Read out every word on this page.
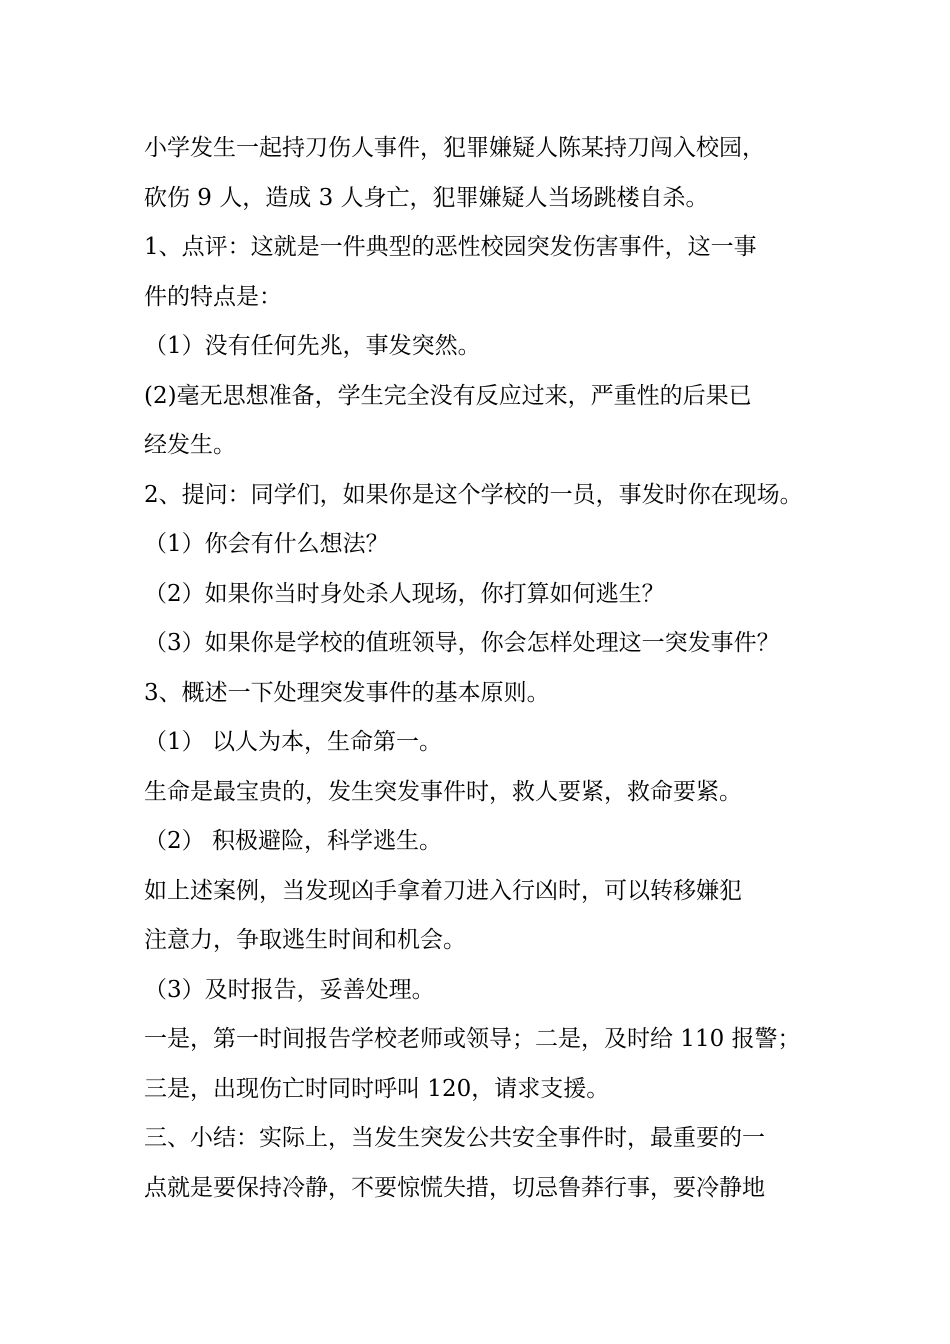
小学发生一起持刀伤人事件，犯罪嫌疑人陈某持刀闯入校园，
砍伤 9 人，造成 3 人身亡，犯罪嫌疑人当场跳楼自杀。
1、点评：这就是一件典型的恶性校园突发伤害事件，这一事
件的特点是：
（1）没有任何先兆，事发突然。
(2)毫无思想准备，学生完全没有反应过来，严重性的后果已
经发生。
2、提问：同学们，如果你是这个学校的一员，事发时你在现场。
（1）你会有什么想法？
（2）如果你当时身处杀人现场，你打算如何逃生？
（3）如果你是学校的值班领导，你会怎样处理这一突发事件？
3、概述一下处理突发事件的基本原则。
（1） 以人为本，生命第一。
生命是最宝贵的，发生突发事件时，救人要紧，救命要紧。
（2） 积极避险，科学逃生。
如上述案例，当发现凶手拿着刀进入行凶时，可以转移嫌犯
注意力，争取逃生时间和机会。
（3）及时报告，妥善处理。
一是，第一时间报告学校老师或领导；二是，及时给 110 报警；
三是，出现伤亡时同时呼叫 120，请求支援。
三、小结：实际上，当发生突发公共安全事件时，最重要的一
点就是要保持冷静，不要惊慌失措，切忌鲁莽行事，要冷静地
